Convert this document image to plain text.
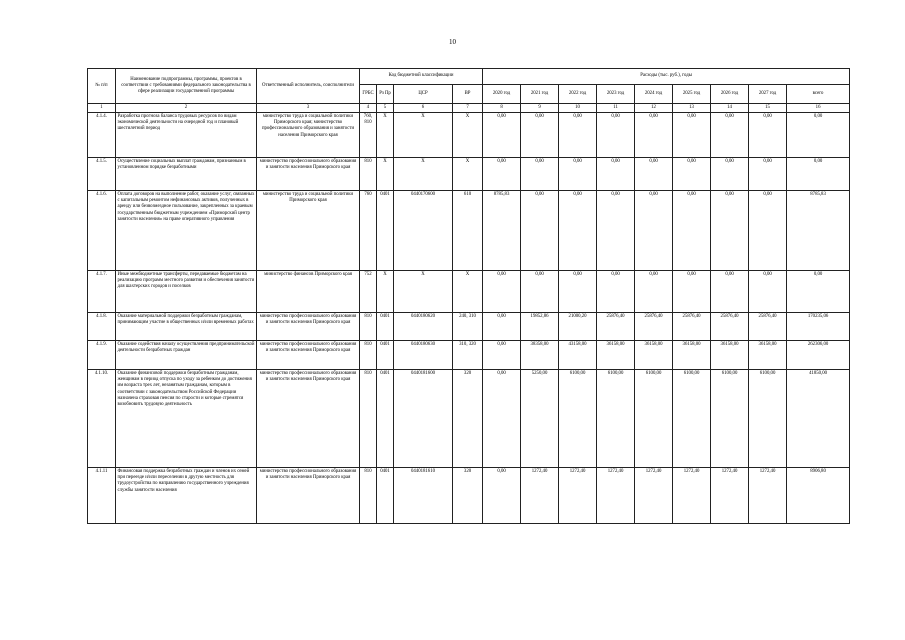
10
№ п/п	Наименование подпрограммы, программы, проектов в соответствии с требованиями федерального законодательства в сфере реализации государственной программы	Ответственный исполнитель, соисполнители	Код бюджетной классификации				Расходы (тыс. руб.), годы								
			ГРБС	Рз Пр	ЦСР	ВР	2020 год	2021 год	2022 год	2023 год	2024 год	2025 год	2026 год	2027 год	всего
1	2	3	4	5	6	7	8	9	10	11	12	13	14	15	16
4.1.4.	Разработка прогноза баланса трудовых ресурсов по видам экономической деятельности на очередной год и плановый шестилетний период	министерство труда и социальной политики Приморского края; министерство профессионального образования и занятости населения Приморского края	760, 810	X	X	X	0,00	0,00	0,00	0,00	0,00	0,00	0,00	0,00	0,00
4.1.5.	Осуществление социальных выплат гражданам, признанным в установленном порядке безработными	министерство профессионального образования и занятости населения Приморского края	810	X	X	X	0,00	0,00	0,00	0,00	0,00	0,00	0,00	0,00	0,00
4.1.6.	Оплата договоров на выполнение работ, оказание услуг, связанных с капитальным ремонтом нефинансовых активов, полученных в аренду или безвозмездное пользование, закрепленных за краевым государственным бюджетным учреждением «Приморский центр занятости населения» на праве оперативного управления	министерство труда и социальной политики Приморского края	760	0401	0440170600	610	8785,83	0,00	0,00	0,00	0,00	0,00	0,00	0,00	8785,83
4.1.7.	Иные межбюджетные трансферты, передаваемые бюджетам на реализацию программ местного развития и обеспечения занятости для шахтерских городов и поселков	министерство финансов Приморского края	752	X	X	X	0,00	0,00	0,00	0,00	0,00	0,00	0,00	0,00	0,00
4.1.8.	Оказание материальной поддержки безработным гражданам, принимающим участие в общественных и/или временных работах	министерство профессионального образования и занятости населения Приморского края	810	0401	0440180620	240, 310	0,00	19852,86	21000,20	25876,40	25876,40	25876,40	25876,40	25876,40	170235,06
4.1.9.	Оказание содействия началу осуществления предпринимательской деятельности безработных граждан	министерство профессионального образования и занятости населения Приморского края	810	0401	0440180630	310, 320	0,00	38358,00	43158,00	36158,00	36158,00	36158,00	36158,00	36158,00	262306,00
4.1.10.	Оказание финансовой поддержки безработным гражданам, женщинам в период отпуска по уходу за ребенком до достижения им возраста трех лет, незанятым гражданам, которым в соответствии с законодательством Российской Федерации назначена страховая пенсия по старости и которые стремятся возобновить трудовую деятельность	министерство профессионального образования и занятости населения Приморского края	810	0401	0440181600	320	0,00	5250,00	6100,00	6100,00	6100,00	6100,00	6100,00	6100,00	41850,00
4.1.11	Финансовая поддержка безработных граждан и членов их семей при переезде и/или переселении в другую местность для трудоустройства по направлению государственного учреждения службы занятости населения	министерство профессионального образования и занятости населения Приморского края	810	0401	0440181610	320	0,00	1272,40	1272,40	1272,40	1272,40	1272,40	1272,40	1272,40	8906,80
